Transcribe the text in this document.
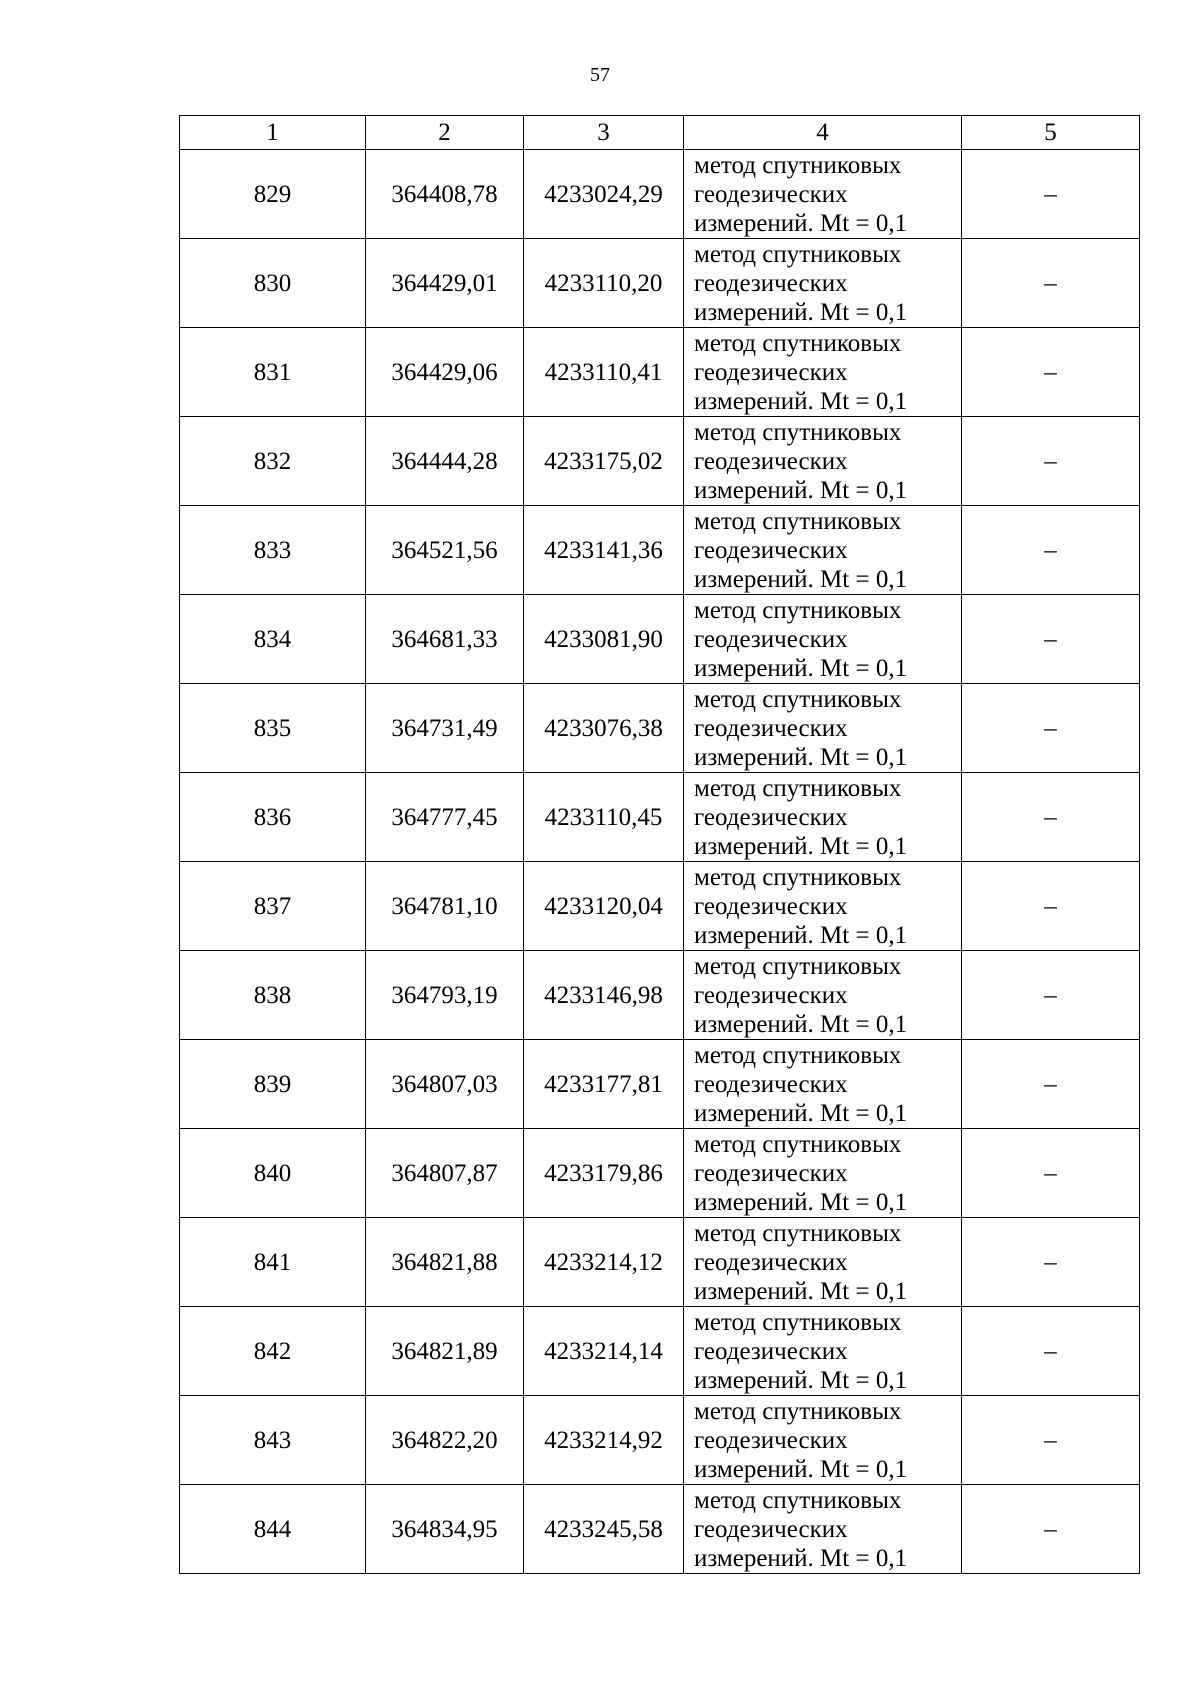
57
1	2	3	4	5
829	364408,78	4233024,29	метод спутниковых
геодезических
измерений. Mt = 0,1	–
830	364429,01	4233110,20	метод спутниковых
геодезических
измерений. Mt = 0,1	–
831	364429,06	4233110,41	метод спутниковых
геодезических
измерений. Mt = 0,1	–
832	364444,28	4233175,02	метод спутниковых
геодезических
измерений. Mt = 0,1	–
833	364521,56	4233141,36	метод спутниковых
геодезических
измерений. Mt = 0,1	–
834	364681,33	4233081,90	метод спутниковых
геодезических
измерений. Mt = 0,1	–
835	364731,49	4233076,38	метод спутниковых
геодезических
измерений. Mt = 0,1	–
836	364777,45	4233110,45	метод спутниковых
геодезических
измерений. Mt = 0,1	–
837	364781,10	4233120,04	метод спутниковых
геодезических
измерений. Mt = 0,1	–
838	364793,19	4233146,98	метод спутниковых
геодезических
измерений. Mt = 0,1	–
839	364807,03	4233177,81	метод спутниковых
геодезических
измерений. Mt = 0,1	–
840	364807,87	4233179,86	метод спутниковых
геодезических
измерений. Mt = 0,1	–
841	364821,88	4233214,12	метод спутниковых
геодезических
измерений. Mt = 0,1	–
842	364821,89	4233214,14	метод спутниковых
геодезических
измерений. Mt = 0,1	–
843	364822,20	4233214,92	метод спутниковых
геодезических
измерений. Mt = 0,1	–
844	364834,95	4233245,58	метод спутниковых
геодезических
измерений. Mt = 0,1	–
